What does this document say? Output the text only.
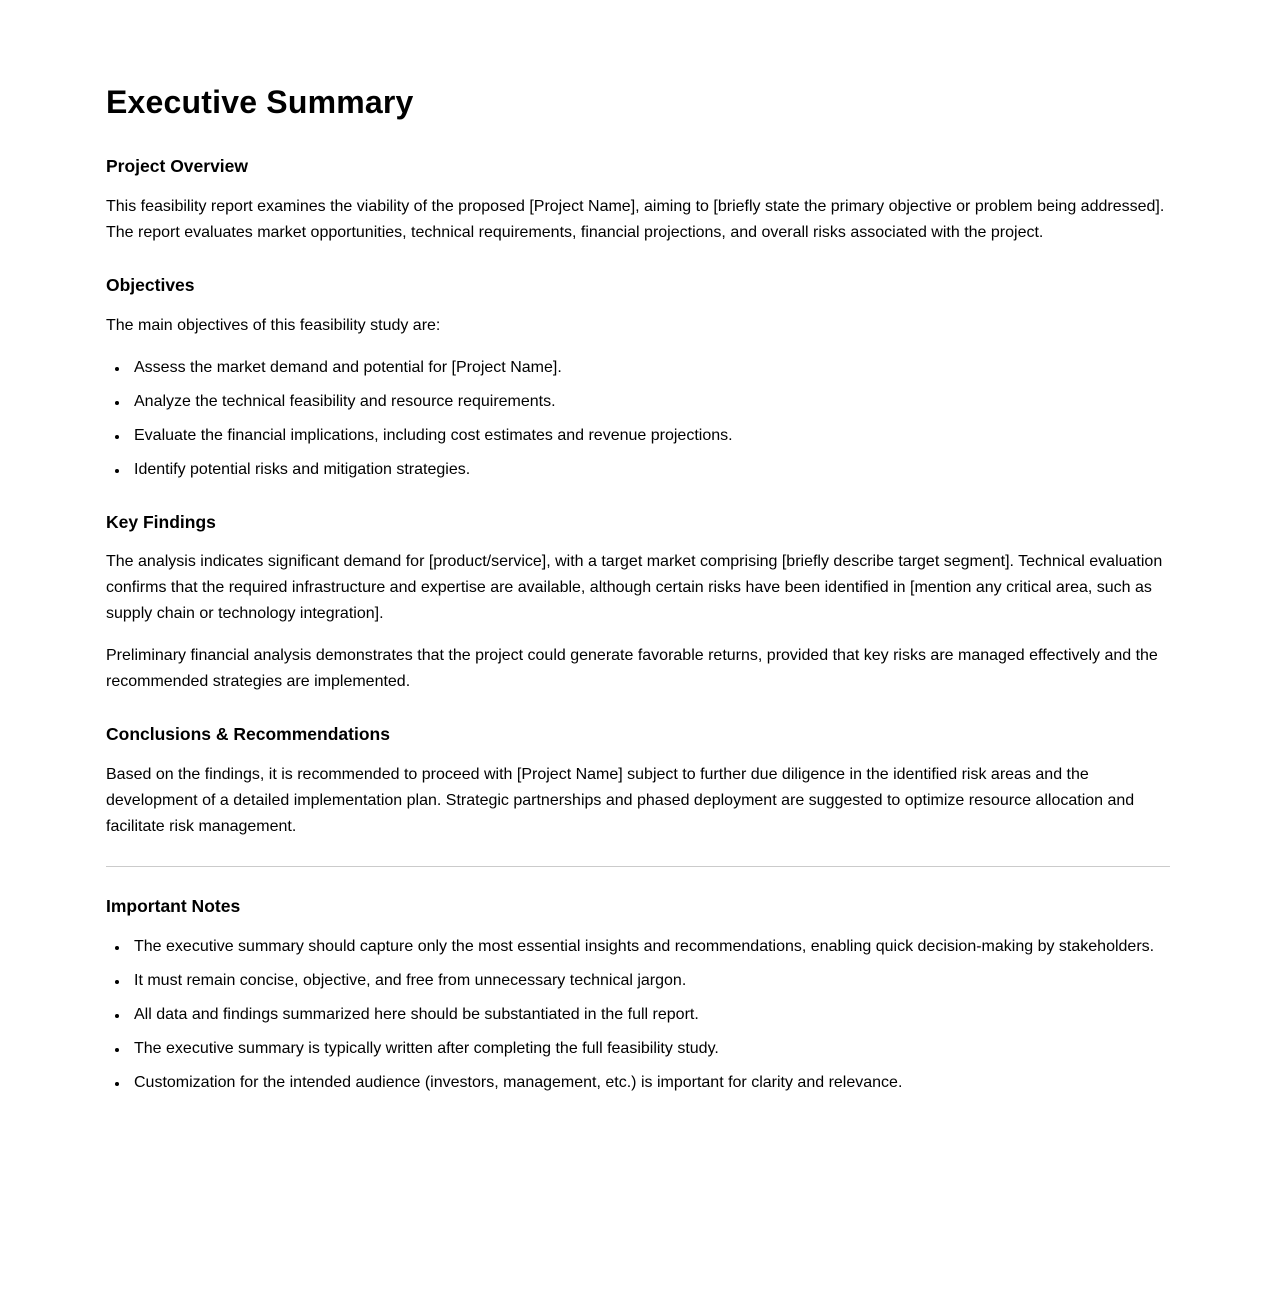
Executive Summary
Project Overview

This feasibility report examines the viability of the proposed [Project Name], aiming to [briefly state the primary objective or problem being addressed]. The report evaluates market opportunities, technical requirements, financial projections, and overall risks associated with the project.

Objectives

The main objectives of this feasibility study are:

• Assess the market demand and potential for [Project Name].
• Analyze the technical feasibility and resource requirements.
• Evaluate the financial implications, including cost estimates and revenue projections.
• Identify potential risks and mitigation strategies.
Key Findings

The analysis indicates significant demand for [product/service], with a target market comprising [briefly describe target segment]. Technical evaluation confirms that the required infrastructure and expertise are available, although certain risks have been identified in [mention any critical area, such as supply chain or technology integration].

Preliminary financial analysis demonstrates that the project could generate favorable returns, provided that key risks are managed effectively and the recommended strategies are implemented.

Conclusions & Recommendations

Based on the findings, it is recommended to proceed with [Project Name] subject to further due diligence in the identified risk areas and the development of a detailed implementation plan. Strategic partnerships and phased deployment are suggested to optimize resource allocation and facilitate risk management.

Important Notes
• The executive summary should capture only the most essential insights and recommendations, enabling quick decision-making by stakeholders.
• It must remain concise, objective, and free from unnecessary technical jargon.
• All data and findings summarized here should be substantiated in the full report.
• The executive summary is typically written after completing the full feasibility study.
• Customization for the intended audience (investors, management, etc.) is important for clarity and relevance.
